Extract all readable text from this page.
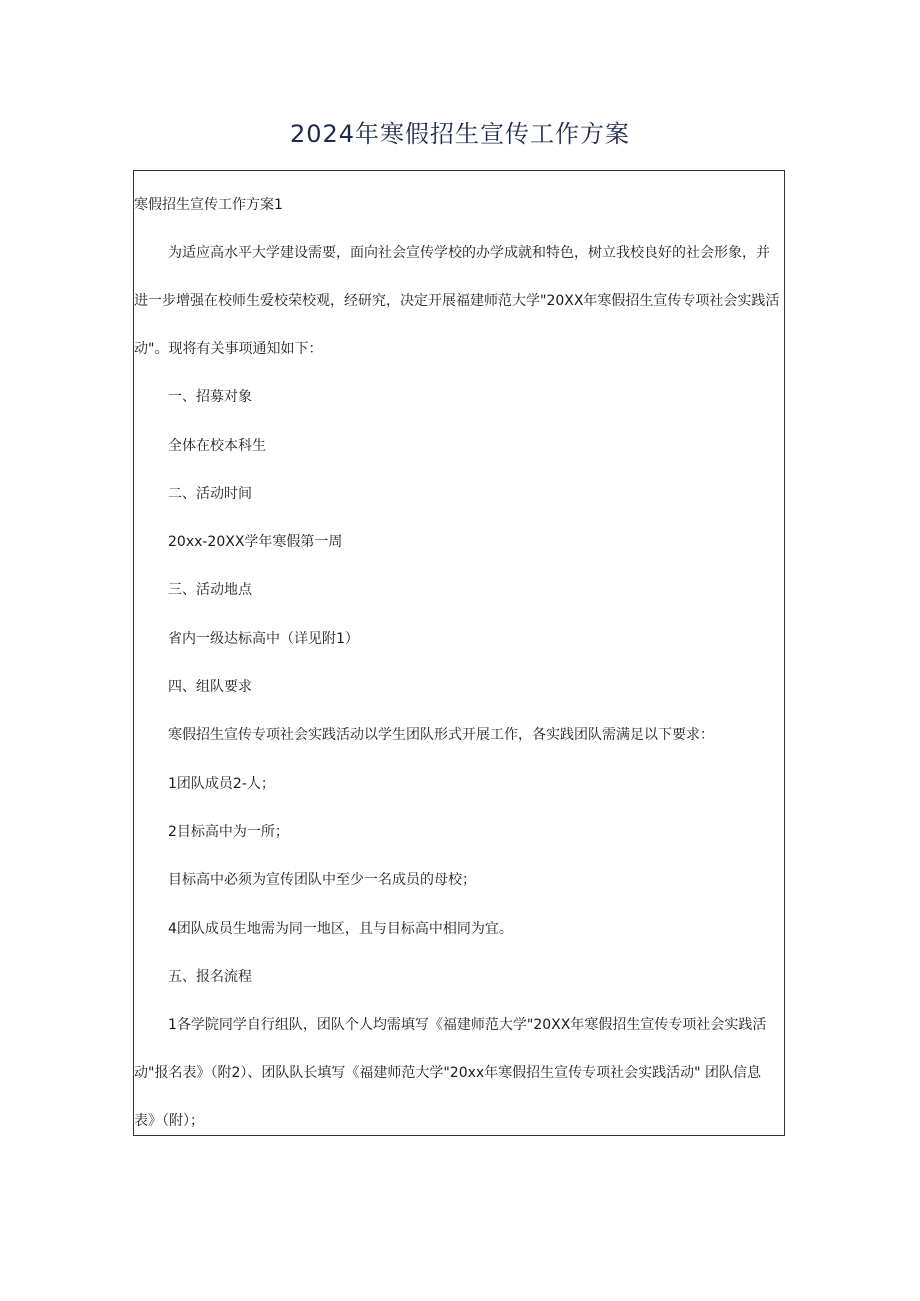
2024年寒假招生宣传工作方案

寒假招生宣传工作方案1

为适应高水平大学建设需要，面向社会宣传学校的办学成就和特色，树立我校良好的社会形象，并进一步增强在校师生爱校荣校观，经研究，决定开展福建师范大学"20XX年寒假招生宣传专项社会实践活动"。现将有关事项通知如下：

一、招募对象

全体在校本科生

二、活动时间

20xx-20XX学年寒假第一周

三、活动地点

省内一级达标高中（详见附1）

四、组队要求

寒假招生宣传专项社会实践活动以学生团队形式开展工作，各实践团队需满足以下要求：

1团队成员2-人；

2目标高中为一所；

目标高中必须为宣传团队中至少一名成员的母校；

4团队成员生地需为同一地区，且与目标高中相同为宜。

五、报名流程

1各学院同学自行组队，团队个人均需填写《福建师范大学"20XX年寒假招生宣传专项社会实践活动"报名表》（附2）、团队队长填写《福建师范大学"20xx年寒假招生宣传专项社会实践活动" 团队信息表》（附）；
